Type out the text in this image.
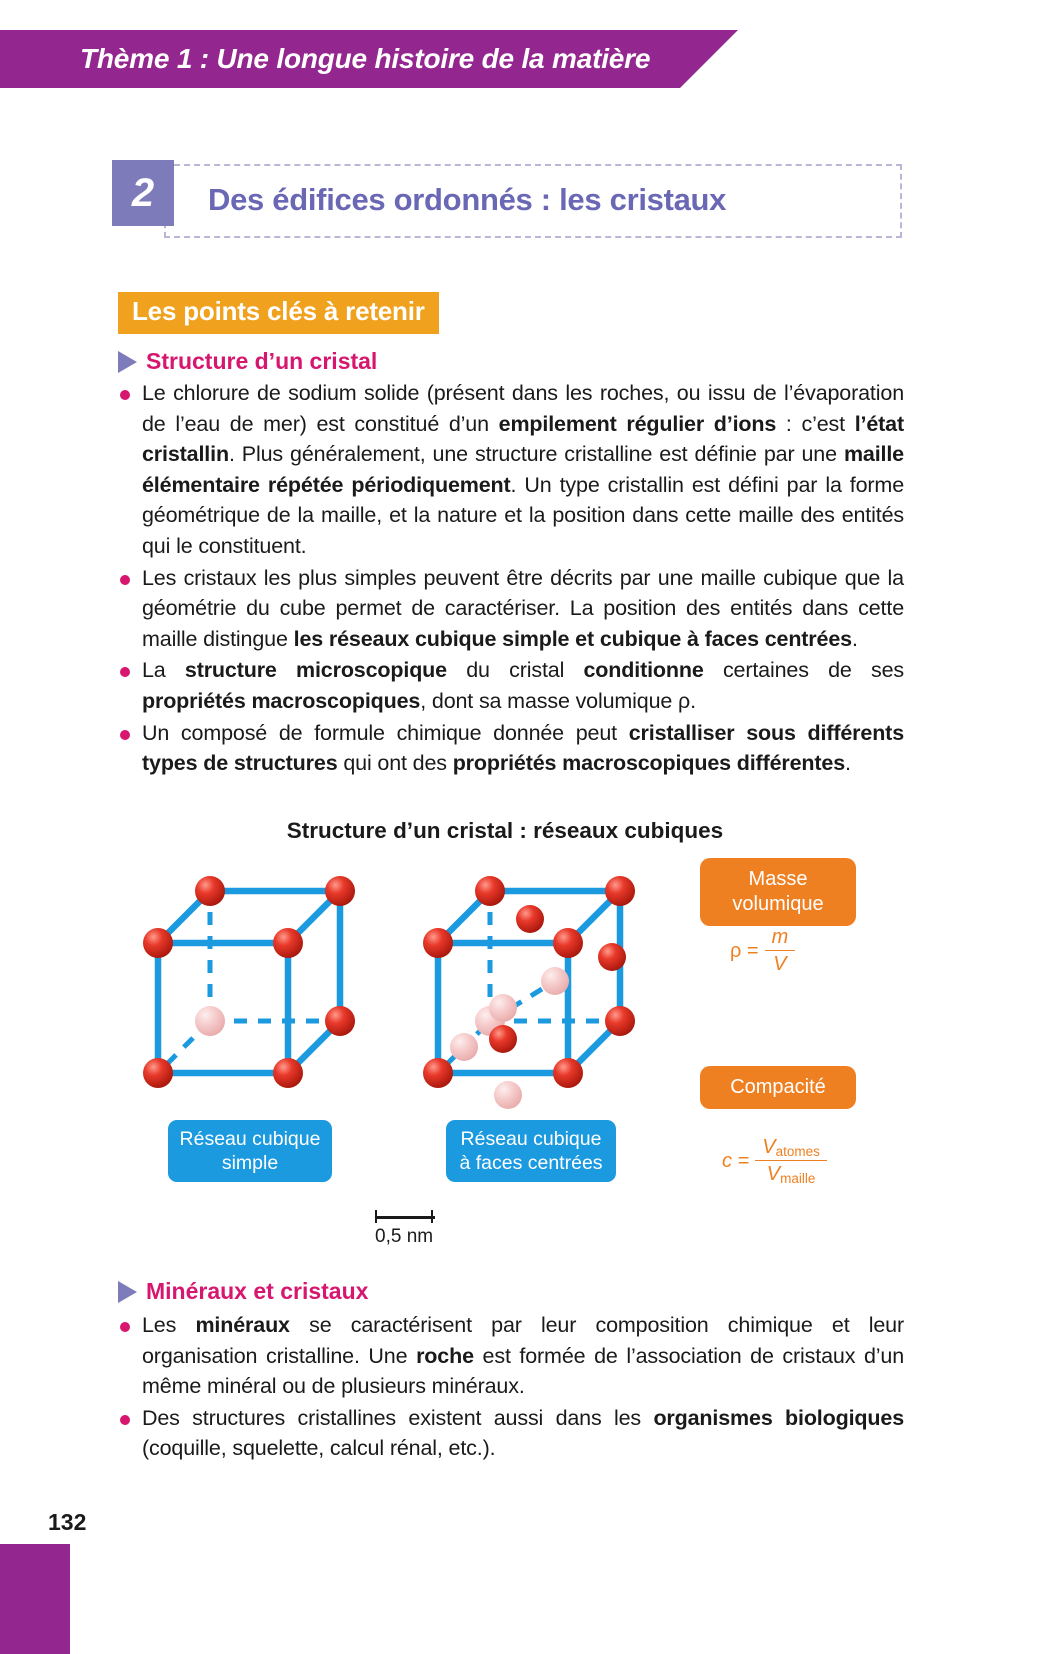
Thème 1 : Une longue histoire de la matière
2	Des édifices ordonnés : les cristaux
Les points clés à retenir
Structure d’un cristal

Le chlorure de sodium solide (présent dans les roches, ou issu de l’évaporation de l’eau de mer) est constitué d’un empilement régulier d’ions : c’est l’état cristallin. Plus généralement, une structure cristalline est définie par une maille élémentaire répétée périodiquement. Un type cristallin est défini par la forme géométrique de la maille, et la nature et la position dans cette maille des entités qui le constituent.

Les cristaux les plus simples peuvent être décrits par une maille cubique que la géométrie du cube permet de caractériser. La position des entités dans cette maille distingue les réseaux cubique simple et cubique à faces centrées.

La structure microscopique du cristal conditionne certaines de ses propriétés macroscopiques, dont sa masse volumique ρ.

Un composé de formule chimique donnée peut cristalliser sous différents types de structures qui ont des propriétés macroscopiques différentes.

Structure d’un cristal : réseaux cubiques
Réseau cubique
simple
Réseau cubique
à faces centrées
Masse
volumique
Compacité
$\rho = \frac{m}{V}$
$c = \frac{\text{Vatomes}}{\text{Vmaille}}$
0,5 nm
Minéraux et cristaux

Les minéraux se caractérisent par leur composition chimique et leur organisation cristalline. Une roche est formée de l’association de cristaux d’un même minéral ou de plusieurs minéraux.

Des structures cristallines existent aussi dans les organismes biologiques (coquille, squelette, calcul rénal, etc.).

132
